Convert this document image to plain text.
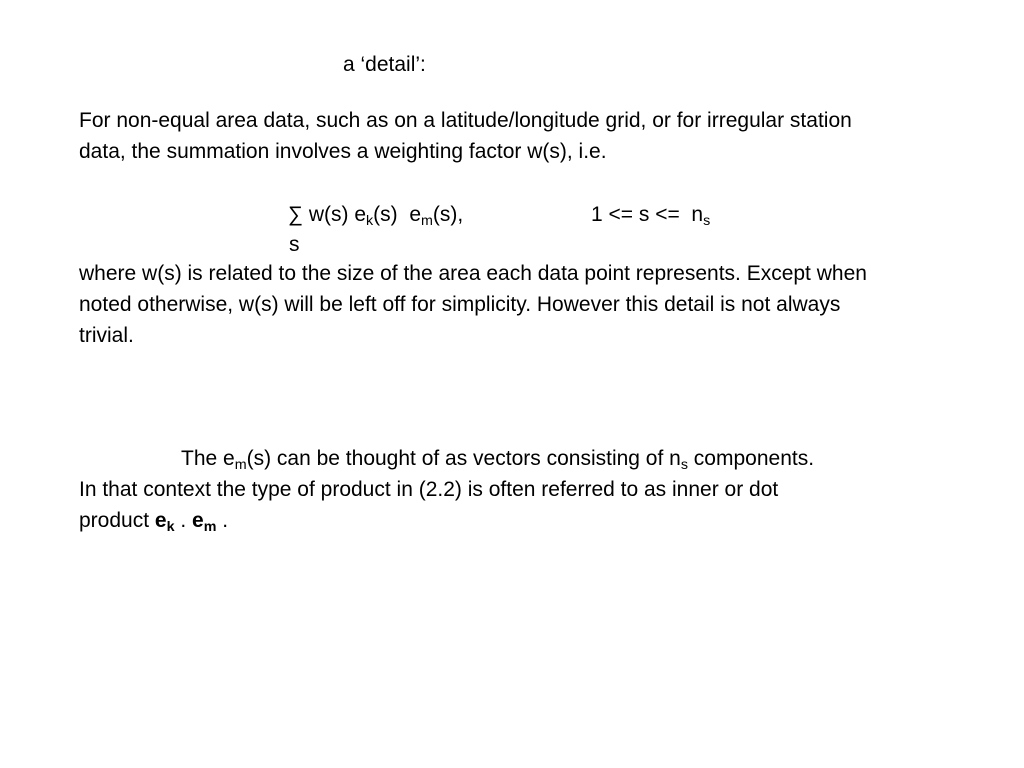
a ‘detail’:
For non-equal area data, such as on a latitude/longitude grid, or for irregular station
data, the summation involves a weighting factor w(s), i.e.
∑ w(s) $e_k(s)$ $e_m(s)$,	$1 <= s <= n_s$
s
where w(s) is related to the size of the area each data point represents. Except when
noted otherwise, w(s) will be left off for simplicity. However this detail is not always
trivial.
The $e_m(s)$ can be thought of as vectors consisting of $n_s$ components.
In that context the type of product in (2.2) is often referred to as inner or dot
product $e_k$ . $e_m$ .
